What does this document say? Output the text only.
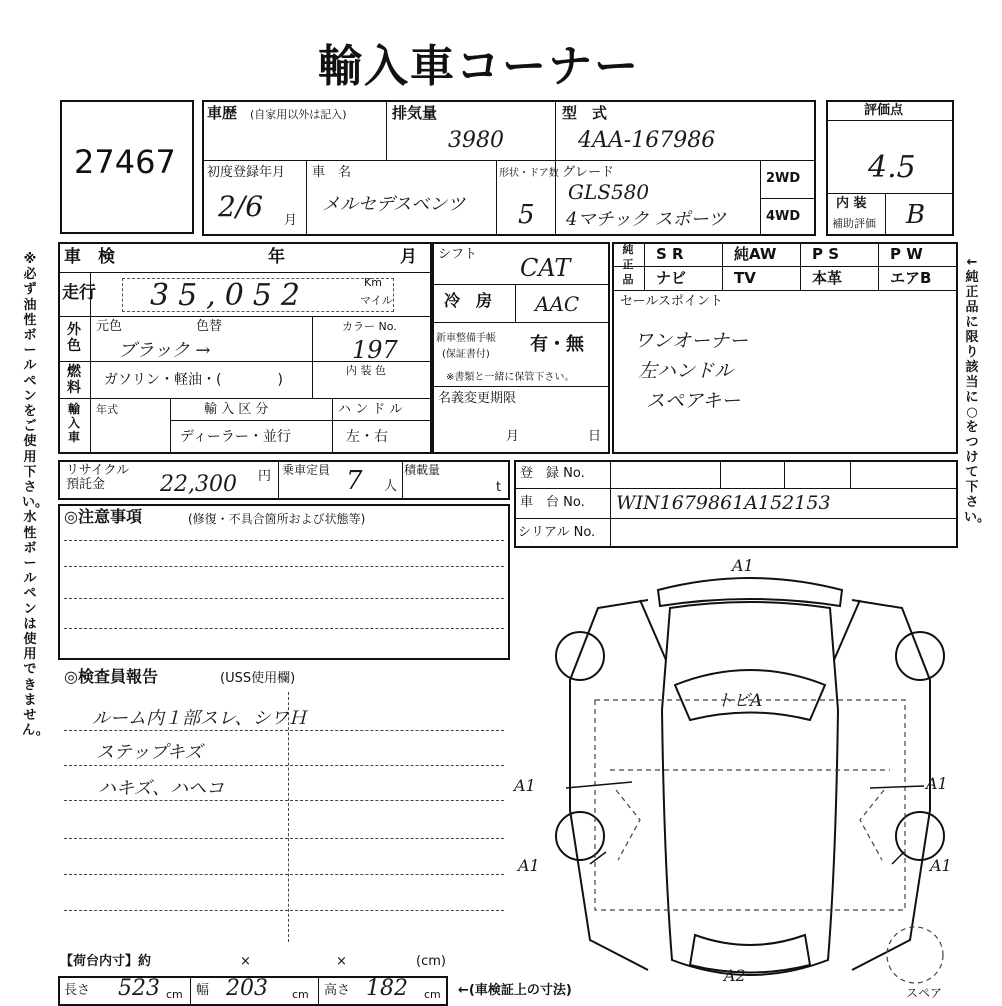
輸入車コーナー
※必ず油性ボールペンをご使用下さい。水性ボールペンは使用できません。
←純正品に限り該当に○をつけて下さい。
27467
車歴 (自家用以外は記入)	排気量
3980
型　式
4AA-167986
初度登録年月
2/6 月
車　名
メルセデスベンツ
形状・ドア数
5
グレード
GLS580
4マチック スポーツ
2WD
4WD
評価点
4.5
内 装
補助評価 B
車　検	年	月
走行 35,052	Km
マイル
外色
元色	色替
ブラック →
カラー No.
197
燃料 ガソリン・軽油・(　　　　)
内 装 色
輸入車
年式	輸 入 区 分
ディーラー・並行
ハ ン ド ル
左・右
シフト CAT
冷　房 AAC
新車整備手帳
(保証書付) 有・無
※書類と一緒に保管下さい。
名義変更期限
月	日
純正品
S R	純AW P S	P W
ナビ	TV	本革	エアB
セールスポイント
ワンオーナー
左ハンドル
スペアキー
リサイクル 預託金	22,300 円 乗車定員 7 人
積載量
t
登　録 No.
車　台 No. WIN1679861A152153
シリアル No.
◎注意事項	(修復・不具合箇所および状態等)
◎検査員報告	(USS使用欄)
ルーム内１部スレ、シワＨ
ステップキズ
ハキズ、ハヘコ
【荷台内寸】約	×	×	(cm)
長さ 523 cm 幅 203 cm 高さ 182 cm ←(車検証上の寸法)
A1
トビA
A1
A1
A1
A1
A2
スペア
